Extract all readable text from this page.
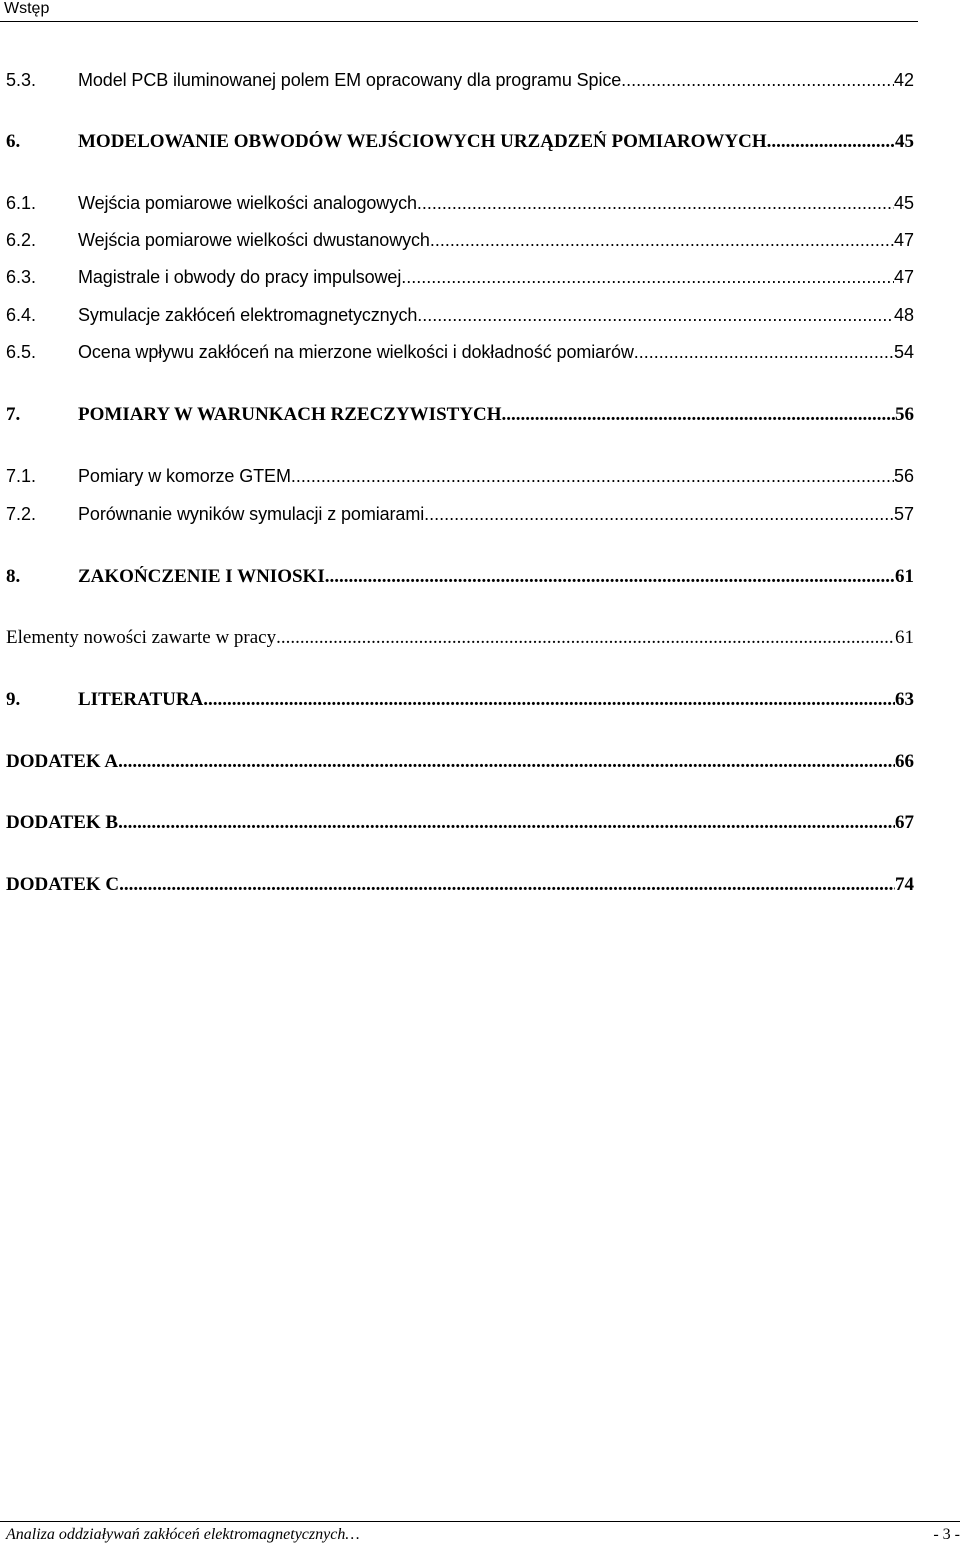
Wstęp
5.3.	Model PCB iluminowanej polem EM opracowany dla programu Spice .....	42
6.	MODELOWANIE OBWODÓW WEJŚCIOWYCH URZĄDZEŃ POMIAROWYCH .....	45
6.1.	Wejścia pomiarowe wielkości analogowych .....	45
6.2.	Wejścia pomiarowe wielkości dwustanowych .....	47
6.3.	Magistrale i obwody do pracy impulsowej .....	47
6.4.	Symulacje zakłóceń elektromagnetycznych .....	48
6.5.	Ocena wpływu zakłóceń na mierzone wielkości i dokładność pomiarów .....	54
7.	POMIARY W WARUNKACH RZECZYWISTYCH .....	56
7.1.	Pomiary w komorze GTEM .....	56
7.2.	Porównanie wyników symulacji z pomiarami .....	57
8.	ZAKOŃCZENIE I WNIOSKI .....	61
Elementy nowości zawarte w pracy .....	61
9.	LITERATURA .....	63
DODATEK A .....	66
DODATEK B .....	67
DODATEK C .....	74
Analiza oddziaływań zakłóceń elektromagnetycznych…	- 3 -
